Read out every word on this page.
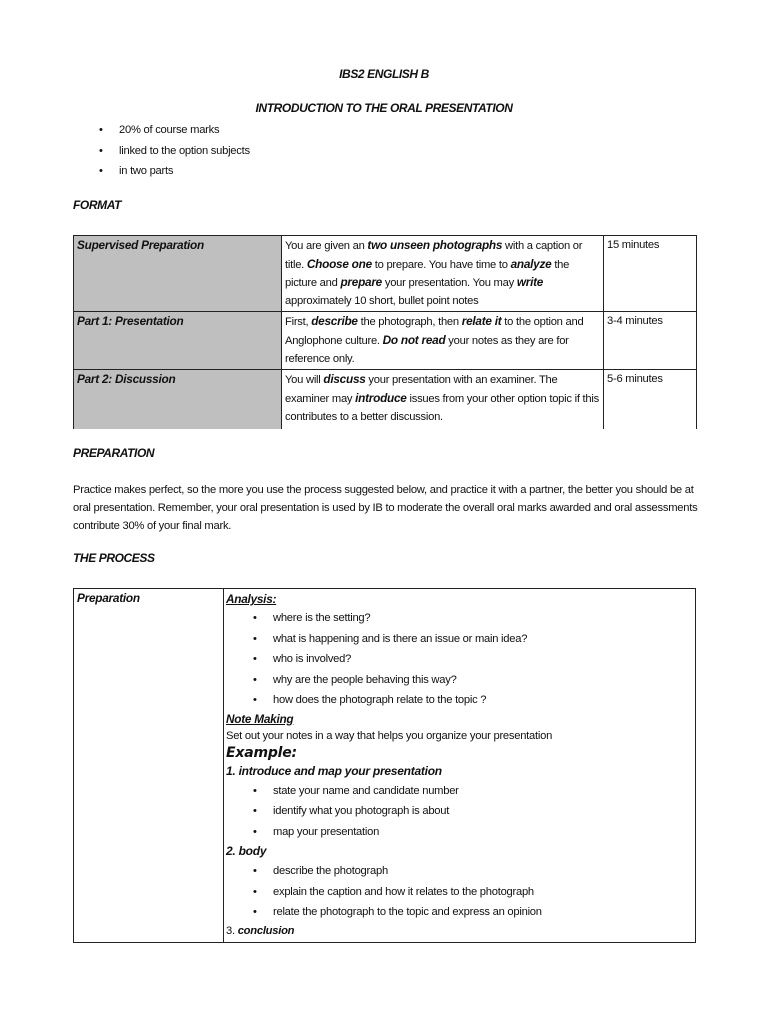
IBS2 ENGLISH B
INTRODUCTION TO THE ORAL PRESENTATION
• 20% of course marks
• linked to the option subjects
• in two parts
FORMAT
Supervised Preparation	You are given an two unseen photographs with a caption or title. Choose one to prepare. You have time to analyze the picture and prepare your presentation. You may write approximately 10 short, bullet point notes	15 minutes
Part 1: Presentation	First, describe the photograph, then relate it to the option and Anglophone culture. Do not read your notes as they are for reference only.	3-4 minutes
Part 2: Discussion	You will discuss your presentation with an examiner. The examiner may introduce issues from your other option topic if this contributes to a better discussion.	5-6 minutes
PREPARATION

Practice makes perfect, so the more you use the process suggested below, and practice it with a partner, the better you should be at oral presentation. Remember, your oral presentation is used by IB to moderate the overall oral marks awarded and oral assessments contribute 30% of your final mark.

THE PROCESS
Preparation	Analysis:
• where is the setting?
• what is happening and is there an issue or main idea?
• who is involved?
• why are the people behaving this way?
• how does the photograph relate to the topic ?
Note Making
Set out your notes in a way that helps you organize your presentation
Example:
1. introduce and map your presentation
• state your name and candidate number
• identify what you photograph is about
• map your presentation
2. body
• describe the photograph
• explain the caption and how it relates to the photograph
• relate the photograph to the topic and express an opinion
3. conclusion
